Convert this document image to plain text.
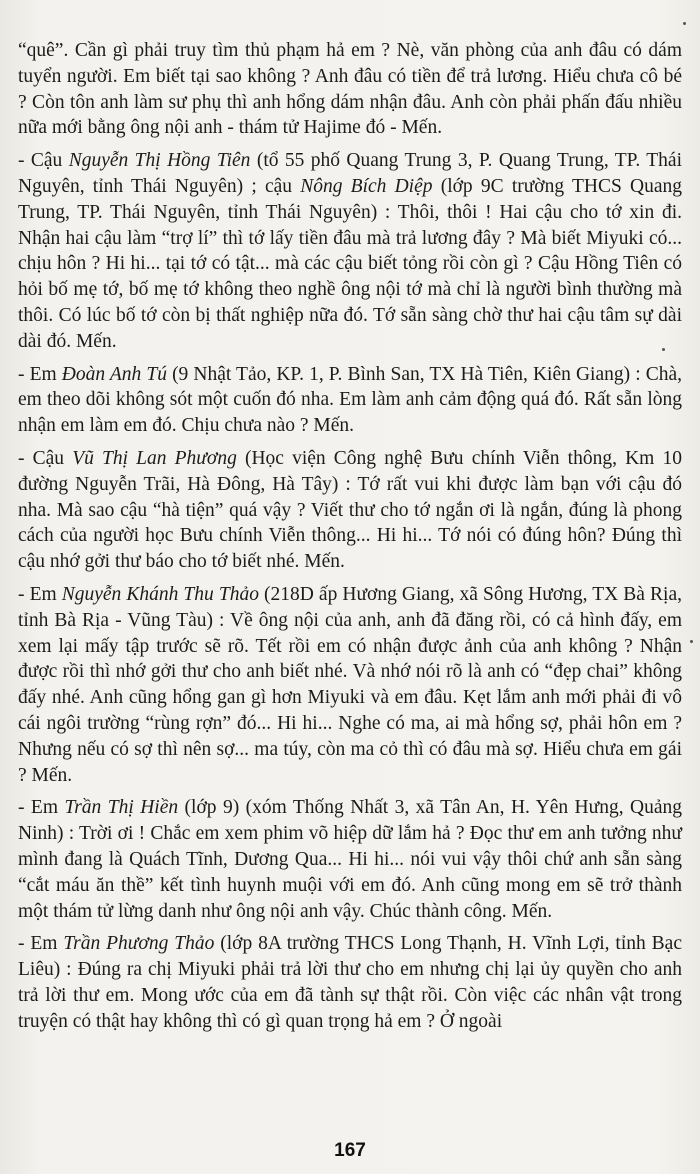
“quê”. Cần gì phải truy tìm thủ phạm hả em ? Nè, văn phòng của anh đâu có dám tuyển người. Em biết tại sao không ? Anh đâu có tiền để trả lương. Hiểu chưa cô bé ? Còn tôn anh làm sư phụ thì anh hổng dám nhận đâu. Anh còn phải phấn đấu nhiều nữa mới bằng ông nội anh - thám tử Hajime đó - Mến.

- Cậu Nguyễn Thị Hồng Tiên (tổ 55 phố Quang Trung 3, P. Quang Trung, TP. Thái Nguyên, tỉnh Thái Nguyên) ; cậu Nông Bích Diệp (lớp 9C trường THCS Quang Trung, TP. Thái Nguyên, tỉnh Thái Nguyên) : Thôi, thôi ! Hai cậu cho tớ xin đi. Nhận hai cậu làm “trợ lí” thì tớ lấy tiền đâu mà trả lương đây ? Mà biết Miyuki có... chịu hôn ? Hi hi... tại tớ có tật... mà các cậu biết tỏng rồi còn gì ? Cậu Hồng Tiên có hỏi bố mẹ tớ, bố mẹ tớ không theo nghề ông nội tớ mà chỉ là người bình thường mà thôi. Có lúc bố tớ còn bị thất nghiệp nữa đó. Tớ sẵn sàng chờ thư hai cậu tâm sự dài dài đó. Mến.

- Em Đoàn Anh Tú (9 Nhật Tảo, KP. 1, P. Bình San, TX Hà Tiên, Kiên Giang) : Chà, em theo dõi không sót một cuốn đó nha. Em làm anh cảm động quá đó. Rất sẵn lòng nhận em làm em đó. Chịu chưa nào ? Mến.

- Cậu Vũ Thị Lan Phương (Học viện Công nghệ Bưu chính Viễn thông, Km 10 đường Nguyễn Trãi, Hà Đông, Hà Tây) : Tớ rất vui khi được làm bạn với cậu đó nha. Mà sao cậu “hà tiện” quá vậy ? Viết thư cho tớ ngắn ơi là ngắn, đúng là phong cách của người học Bưu chính Viễn thông... Hi hi... Tớ nói có đúng hôn? Đúng thì cậu nhớ gởi thư báo cho tớ biết nhé. Mến.

- Em Nguyễn Khánh Thu Thảo (218D ấp Hương Giang, xã Sông Hương, TX Bà Rịa, tỉnh Bà Rịa - Vũng Tàu) : Về ông nội của anh, anh đã đăng rồi, có cả hình đấy, em xem lại mấy tập trước sẽ rõ. Tết rồi em có nhận được ảnh của anh không ? Nhận được rồi thì nhớ gởi thư cho anh biết nhé. Và nhớ nói rõ là anh có “đẹp chai” không đấy nhé. Anh cũng hổng gan gì hơn Miyuki và em đâu. Kẹt lắm anh mới phải đi vô cái ngôi trường “rùng rợn” đó... Hi hi... Nghe có ma, ai mà hổng sợ, phải hôn em ? Nhưng nếu có sợ thì nên sợ... ma túy, còn ma cỏ thì có đâu mà sợ. Hiểu chưa em gái ? Mến.

- Em Trần Thị Hiền (lớp 9) (xóm Thống Nhất 3, xã Tân An, H. Yên Hưng, Quảng Ninh) : Trời ơi ! Chắc em xem phim võ hiệp dữ lắm hả ? Đọc thư em anh tưởng như mình đang là Quách Tĩnh, Dương Qua... Hi hi... nói vui vậy thôi chứ anh sẵn sàng “cắt máu ăn thề” kết tình huynh muội với em đó. Anh cũng mong em sẽ trở thành một thám tử lừng danh như ông nội anh vậy. Chúc thành công. Mến.

- Em Trần Phương Thảo (lớp 8A trường THCS Long Thạnh, H. Vĩnh Lợi, tỉnh Bạc Liêu) : Đúng ra chị Miyuki phải trả lời thư cho em nhưng chị lại ủy quyền cho anh trả lời thư em. Mong ước của em đã tành sự thật rồi. Còn việc các nhân vật trong truyện có thật hay không thì có gì quan trọng hả em ? Ở ngoài

167
